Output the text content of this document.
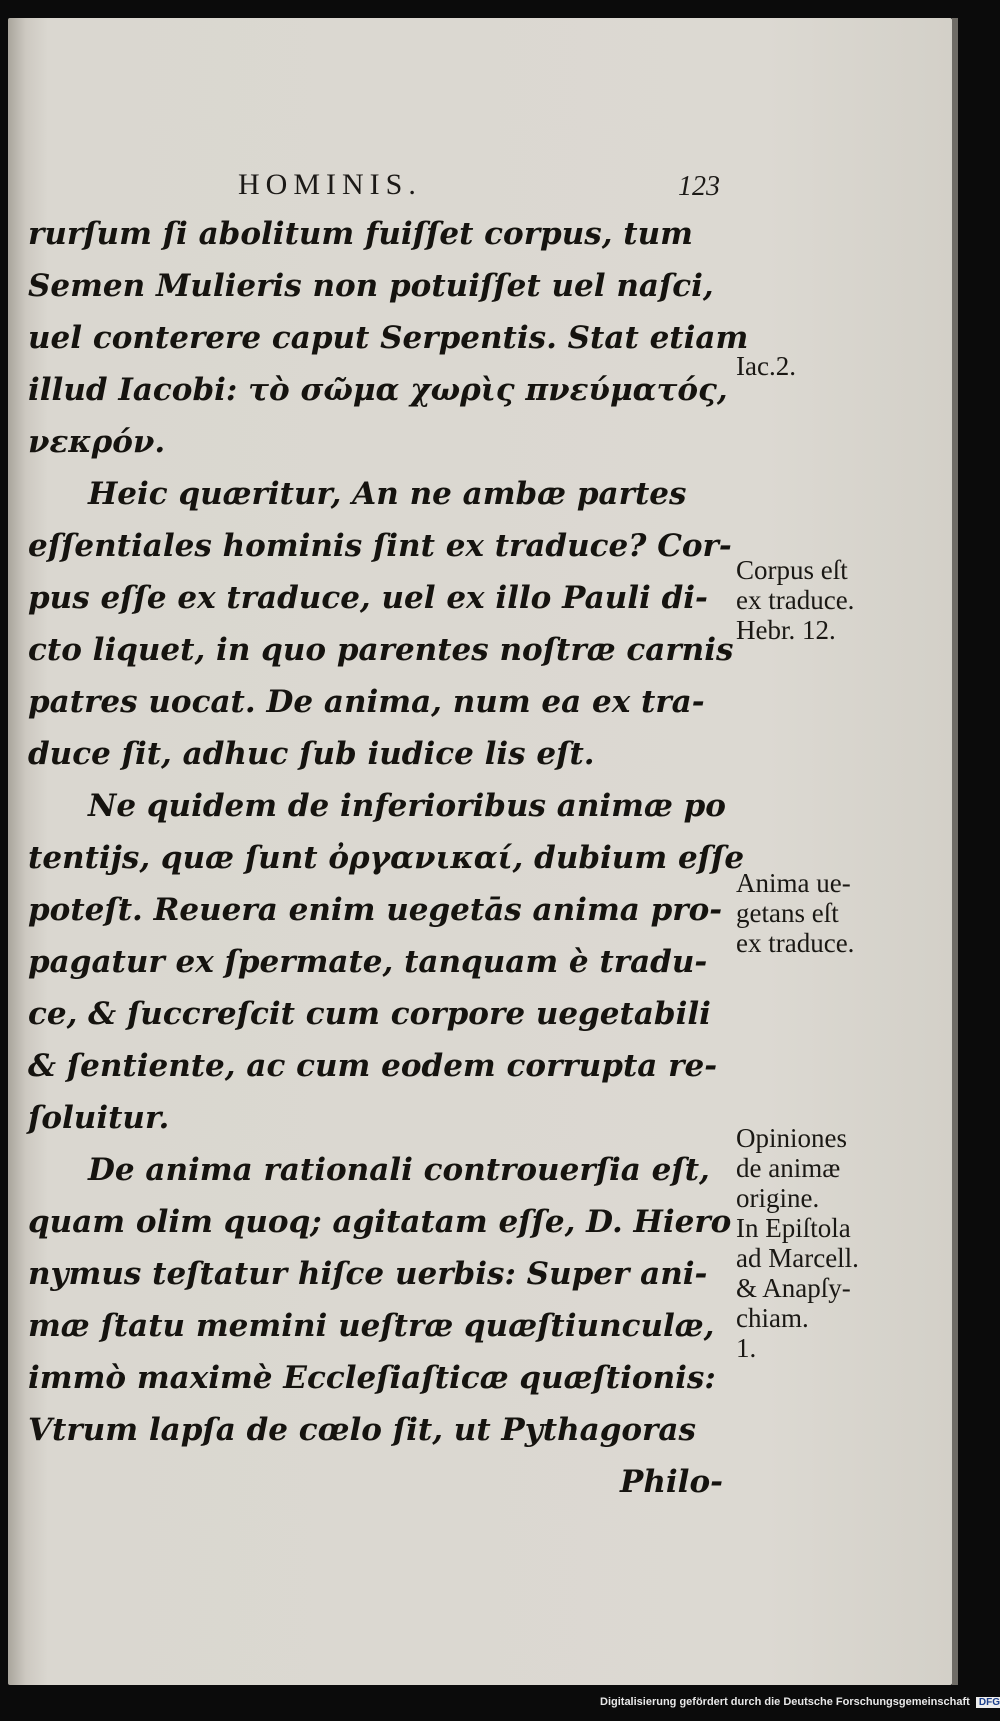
HOMINIS.	123
rurſum ſi abolitum fuiſſet corpus, tum
Semen Mulieris non potuiſſet uel naſci,
uel conterere caput Serpentis. Stat etiam
illud Iacobi: τὸ σῶμα χωρὶς πνεύματός,
νεκρόν.
Heic quæritur, An ne ambæ partes
eſſentiales hominis ſint ex traduce? Cor-
pus eſſe ex traduce, uel ex illo Pauli di-
cto liquet, in quo parentes noſtræ carnis
patres uocat. De anima, num ea ex tra-
duce ſit, adhuc ſub iudice lis eſt.
Ne quidem de inferioribus animæ po
tentijs, quæ ſunt ὀργανικαί, dubium eſſe
poteſt. Reuera enim uegetās anima pro-
pagatur ex ſpermate, tanquam è tradu-
ce, & ſuccreſcit cum corpore uegetabili
& ſentiente, ac cum eodem corrupta re-
ſoluitur.
De anima rationali controuerſia eſt,
quam olim quoq; agitatam eſſe, D. Hiero
nymus teſtatur hiſce uerbis: Super ani-
mæ ſtatu memini ueſtræ quæſtiunculæ,
immò maximè Eccleſiaſticæ quæſtionis:
Vtrum lapſa de cœlo ſit, ut Pythagoras
Philo-
Iac.2.
Corpus eſt
ex traduce.
Hebr. 12.
Anima ue-
getans eſt
ex traduce.
Opiniones
de animæ
origine.
In Epiſtola
ad Marcell.
& Anapſy-
chiam.
1.
Digitalisierung gefördert durch die Deutsche Forschungsgemeinschaft DFG
